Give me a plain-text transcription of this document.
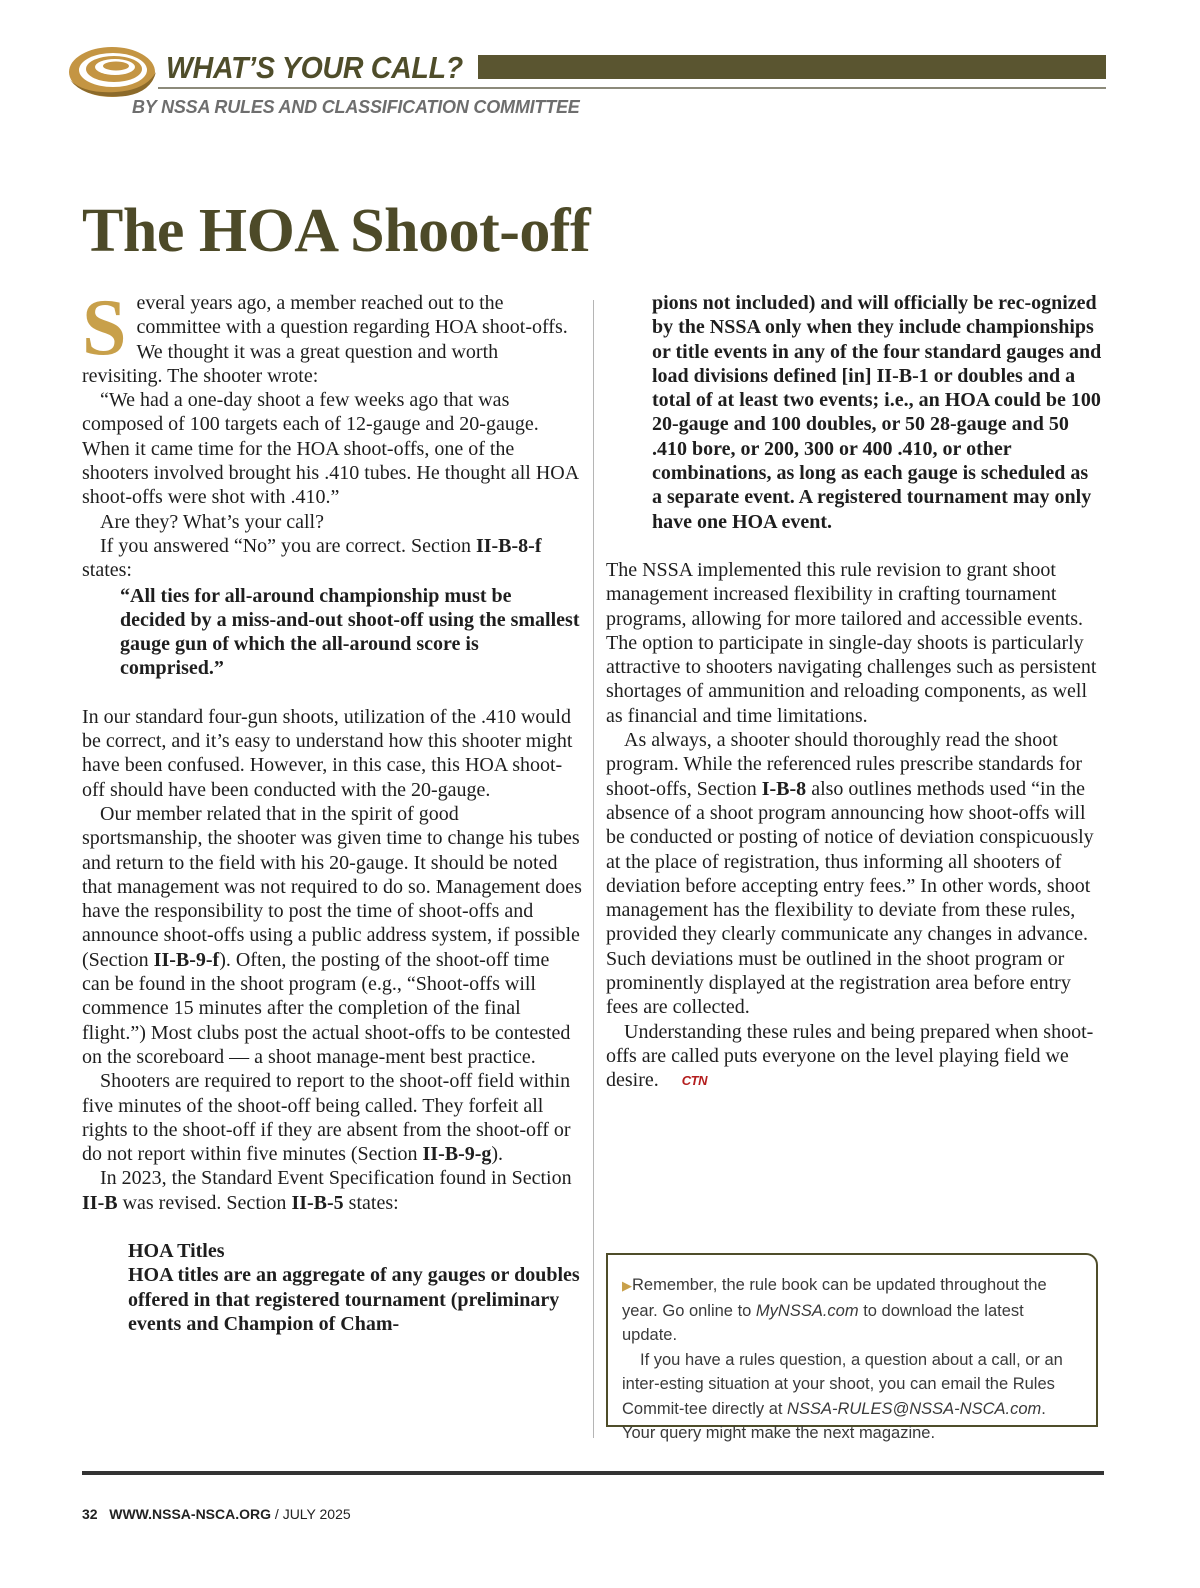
WHAT’S YOUR CALL?
BY NSSA RULES AND CLASSIFICATION COMMITTEE
The HOA Shoot-off

Several years ago, a member reached out to the committee with a question regarding HOA shoot-offs. We thought it was a great question and worth revisiting. The shooter wrote:

“We had a one-day shoot a few weeks ago that was composed of 100 targets each of 12-gauge and 20-gauge. When it came time for the HOA shoot-offs, one of the shooters involved brought his .410 tubes. He thought all HOA shoot-offs were shot with .410.”

Are they? What’s your call?

If you answered “No” you are correct. Section II-B-8-f states:

“All ties for all-around championship must be decided by a miss-and-out shoot-off using the smallest gauge gun of which the all-around score is comprised.”

In our standard four-gun shoots, utilization of the .410 would be correct, and it’s easy to understand how this shooter might have been confused. However, in this case, this HOA shoot-off should have been conducted with the 20-gauge.

Our member related that in the spirit of good sportsmanship, the shooter was given time to change his tubes and return to the field with his 20-gauge. It should be noted that management was not required to do so. Management does have the responsibility to post the time of shoot-offs and announce shoot-offs using a public address system, if possible (Section II-B-9-f). Often, the posting of the shoot-off time can be found in the shoot program (e.g., “Shoot-offs will commence 15 minutes after the completion of the final flight.”) Most clubs post the actual shoot-offs to be contested on the scoreboard — a shoot manage-ment best practice.

Shooters are required to report to the shoot-off field within five minutes of the shoot-off being called. They forfeit all rights to the shoot-off if they are absent from the shoot-off or do not report within five minutes (Section II-B-9-g).

In 2023, the Standard Event Specification found in Section II-B was revised. Section II-B-5 states:

HOA Titles

HOA titles are an aggregate of any gauges or doubles offered in that registered tournament (preliminary events and Champion of Cham-

pions not included) and will officially be rec-ognized by the NSSA only when they include championships or title events in any of the four standard gauges and load divisions defined [in] II-B-1 or doubles and a total of at least two events; i.e., an HOA could be 100 20-gauge and 100 doubles, or 50 28-gauge and 50 .410 bore, or 200, 300 or 400 .410, or other combinations, as long as each gauge is scheduled as a separate event. A registered tournament may only have one HOA event.

The NSSA implemented this rule revision to grant shoot management increased flexibility in crafting tournament programs, allowing for more tailored and accessible events. The option to participate in single-day shoots is particularly attractive to shooters navigating challenges such as persistent shortages of ammunition and reloading components, as well as financial and time limitations.

As always, a shooter should thoroughly read the shoot program. While the referenced rules prescribe standards for shoot-offs, Section I-B-8 also outlines methods used “in the absence of a shoot program announcing how shoot-offs will be conducted or posting of notice of deviation conspicuously at the place of registration, thus informing all shooters of deviation before accepting entry fees.” In other words, shoot management has the flexibility to deviate from these rules, provided they clearly communicate any changes in advance. Such deviations must be outlined in the shoot program or prominently displayed at the registration area before entry fees are collected.

Understanding these rules and being prepared when shoot-offs are called puts everyone on the level playing field we desire. CTN

▶Remember, the rule book can be updated throughout the year. Go online to MyNSSA.com to download the latest update.

If you have a rules question, a question about a call, or an inter-esting situation at your shoot, you can email the Rules Commit-tee directly at NSSA-RULES@NSSA-NSCA.com. Your query might make the next magazine.

32 WWW.NSSA-NSCA.ORG / JULY 2025
